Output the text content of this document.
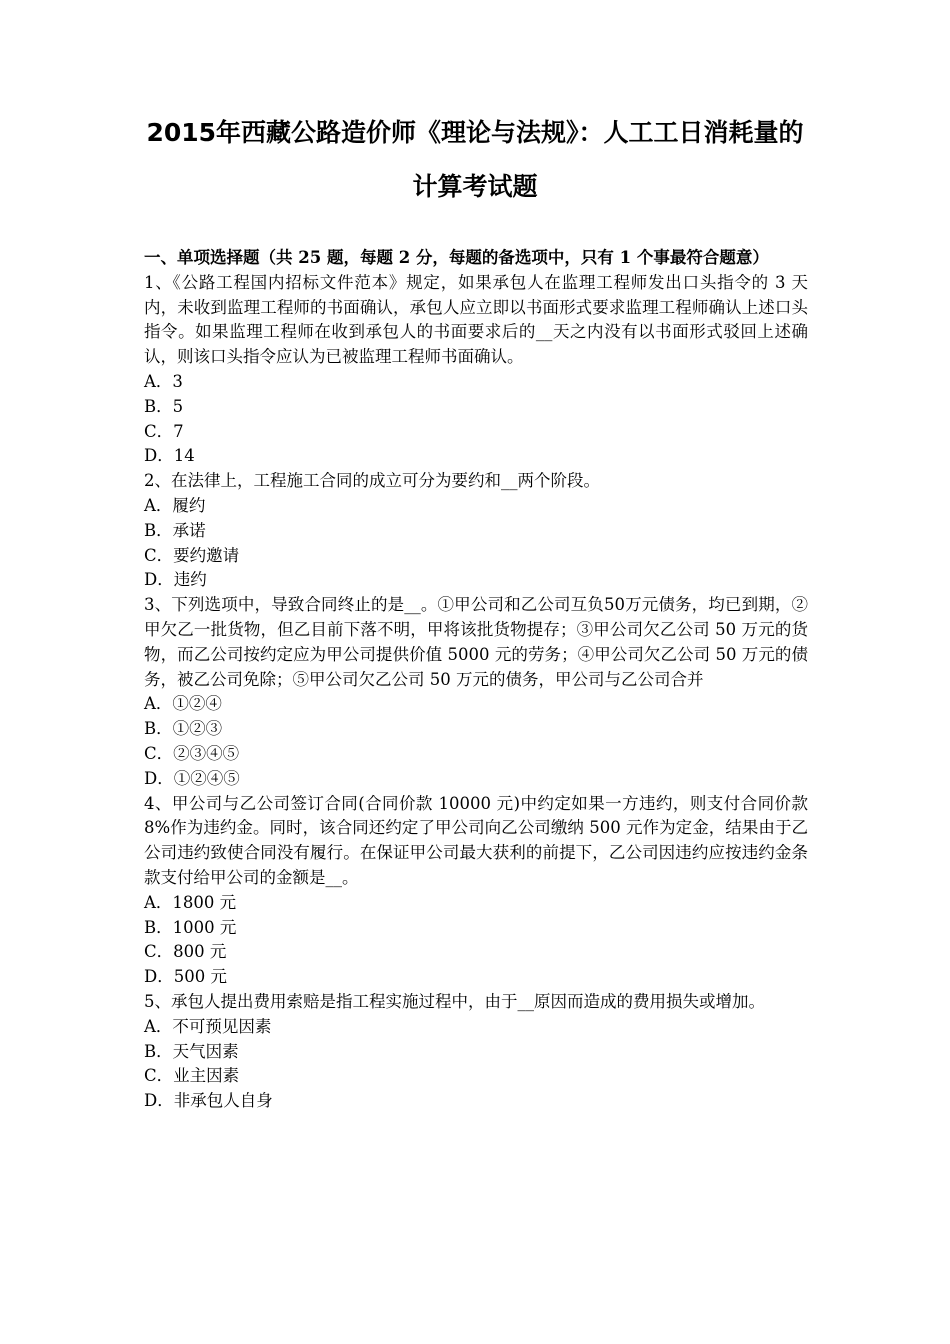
2015年西藏公路造价师《理论与法规》：人工工日消耗量的
计算考试题
一、单项选择题（共 25 题，每题 2 分，每题的备选项中，只有 1 个事最符合题意）
1、《公路工程国内招标文件范本》规定，如果承包人在监理工程师发出口头指令的 3 天内，未收到监理工程师的书面确认，承包人应立即以书面形式要求监理工程师确认上述口头指令。如果监理工程师在收到承包人的书面要求后的__天之内没有以书面形式驳回上述确认，则该口头指令应认为已被监理工程师书面确认。
A．3
B．5
C．7
D．14
2、在法律上，工程施工合同的成立可分为要约和__两个阶段。
A．履约
B．承诺
C．要约邀请
D．违约
3、下列选项中，导致合同终止的是__。①甲公司和乙公司互负50万元债务，均已到期，②甲欠乙一批货物，但乙目前下落不明，甲将该批货物提存；③甲公司欠乙公司 50 万元的货物，而乙公司按约定应为甲公司提供价值 5000 元的劳务；④甲公司欠乙公司 50 万元的债务，被乙公司免除；⑤甲公司欠乙公司 50 万元的债务，甲公司与乙公司合并
A．①②④
B．①②③
C．②③④⑤
D．①②④⑤
4、甲公司与乙公司签订合同(合同价款 10000 元)中约定如果一方违约，则支付合同价款 8%作为违约金。同时，该合同还约定了甲公司向乙公司缴纳 500 元作为定金，结果由于乙公司违约致使合同没有履行。在保证甲公司最大获利的前提下，乙公司因违约应按违约金条款支付给甲公司的金额是__。
A．1800 元
B．1000 元
C．800 元
D．500 元
5、承包人提出费用索赔是指工程实施过程中，由于__原因而造成的费用损失或增加。
A．不可预见因素
B．天气因素
C．业主因素
D．非承包人自身
